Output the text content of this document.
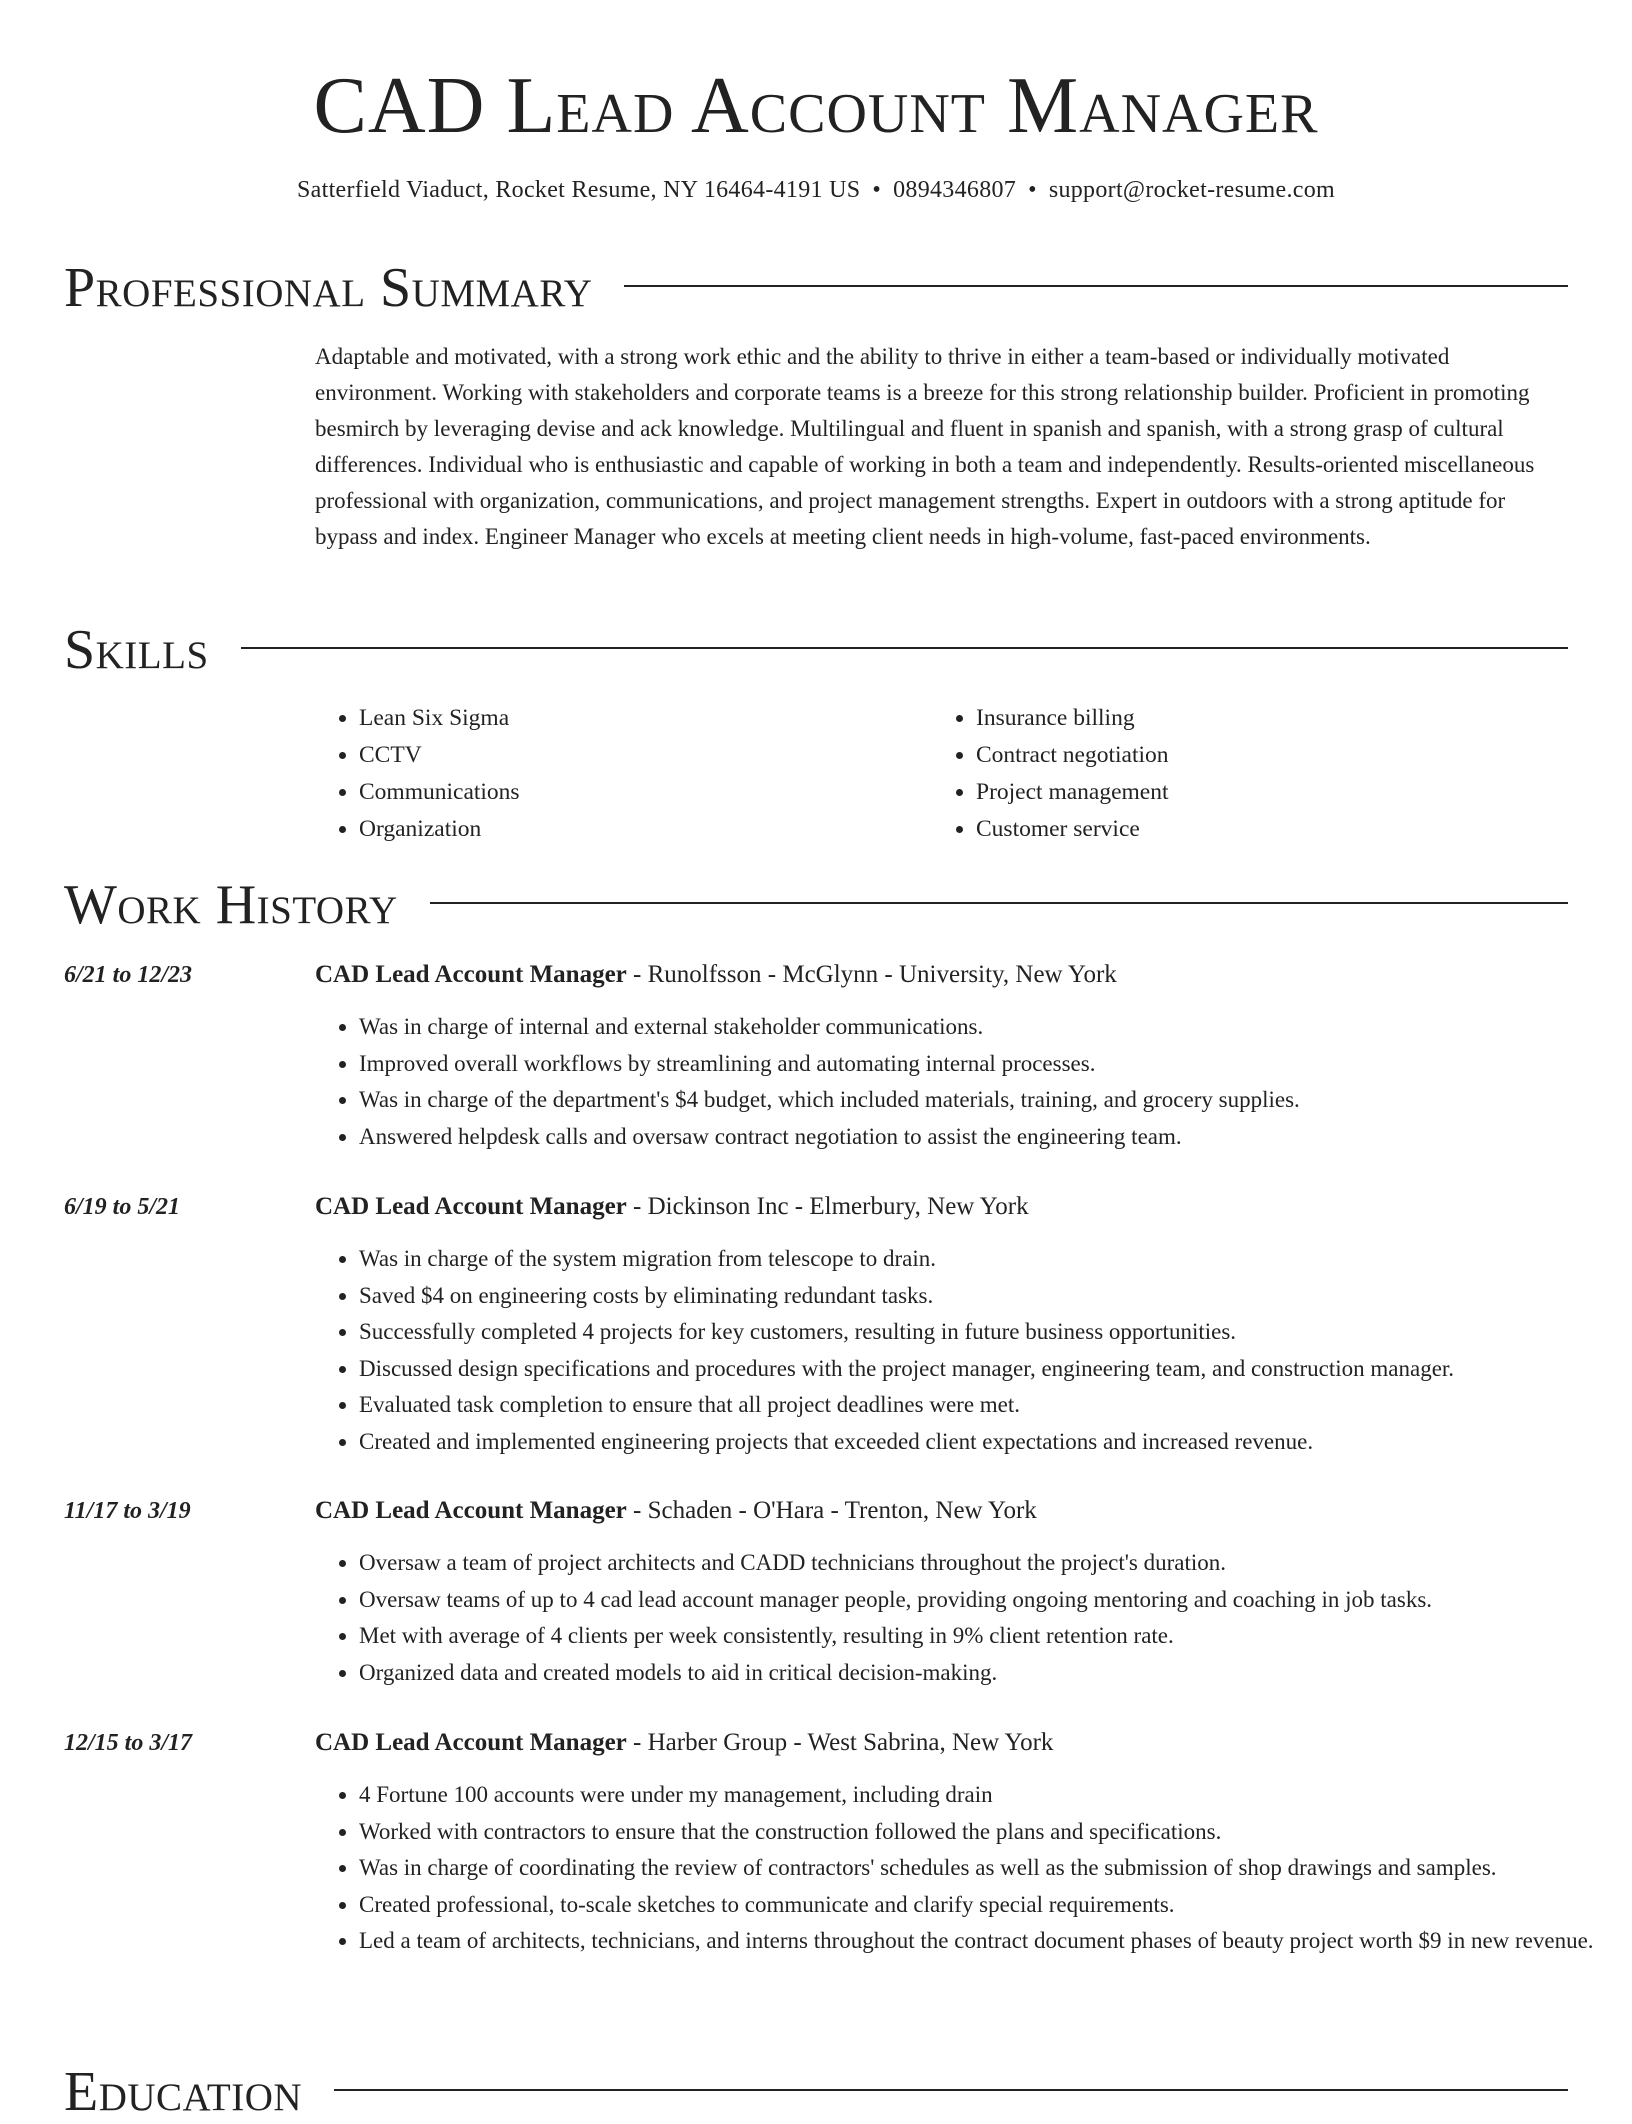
CAD Lead Account Manager
Satterfield Viaduct, Rocket Resume, NY 16464-4191 US • 0894346807 • support@rocket-resume.com
Professional Summary

Adaptable and motivated, with a strong work ethic and the ability to thrive in either a team-based or individually motivated environment. Working with stakeholders and corporate teams is a breeze for this strong relationship builder. Proficient in promoting besmirch by leveraging devise and ack knowledge. Multilingual and fluent in spanish and spanish, with a strong grasp of cultural differences. Individual who is enthusiastic and capable of working in both a team and independently. Results-oriented miscellaneous professional with organization, communications, and project management strengths. Expert in outdoors with a strong aptitude for bypass and index. Engineer Manager who excels at meeting client needs in high-volume, fast-paced environments.

Skills
• Lean Six Sigma
• CCTV
• Communications
• Organization
• Insurance billing
• Contract negotiation
• Project management
• Customer service
Work History
6/21 to 12/23	CAD Lead Account Manager - Runolfsson - McGlynn - University, New York
• Was in charge of internal and external stakeholder communications.
• Improved overall workflows by streamlining and automating internal processes.
• Was in charge of the department's $4 budget, which included materials, training, and grocery supplies.
• Answered helpdesk calls and oversaw contract negotiation to assist the engineering team.
6/19 to 5/21	CAD Lead Account Manager - Dickinson Inc - Elmerbury, New York
• Was in charge of the system migration from telescope to drain.
• Saved $4 on engineering costs by eliminating redundant tasks.
• Successfully completed 4 projects for key customers, resulting in future business opportunities.
• Discussed design specifications and procedures with the project manager, engineering team, and construction manager.
• Evaluated task completion to ensure that all project deadlines were met.
• Created and implemented engineering projects that exceeded client expectations and increased revenue.
11/17 to 3/19	CAD Lead Account Manager - Schaden - O'Hara - Trenton, New York
• Oversaw a team of project architects and CADD technicians throughout the project's duration.
• Oversaw teams of up to 4 cad lead account manager people, providing ongoing mentoring and coaching in job tasks.
• Met with average of 4 clients per week consistently, resulting in 9% client retention rate.
• Organized data and created models to aid in critical decision-making.
12/15 to 3/17	CAD Lead Account Manager - Harber Group - West Sabrina, New York
• 4 Fortune 100 accounts were under my management, including drain
• Worked with contractors to ensure that the construction followed the plans and specifications.
• Was in charge of coordinating the review of contractors' schedules as well as the submission of shop drawings and samples.
• Created professional, to-scale sketches to communicate and clarify special requirements.
• Led a team of architects, technicians, and interns throughout the contract document phases of beauty project worth $9 in new revenue.
Education
